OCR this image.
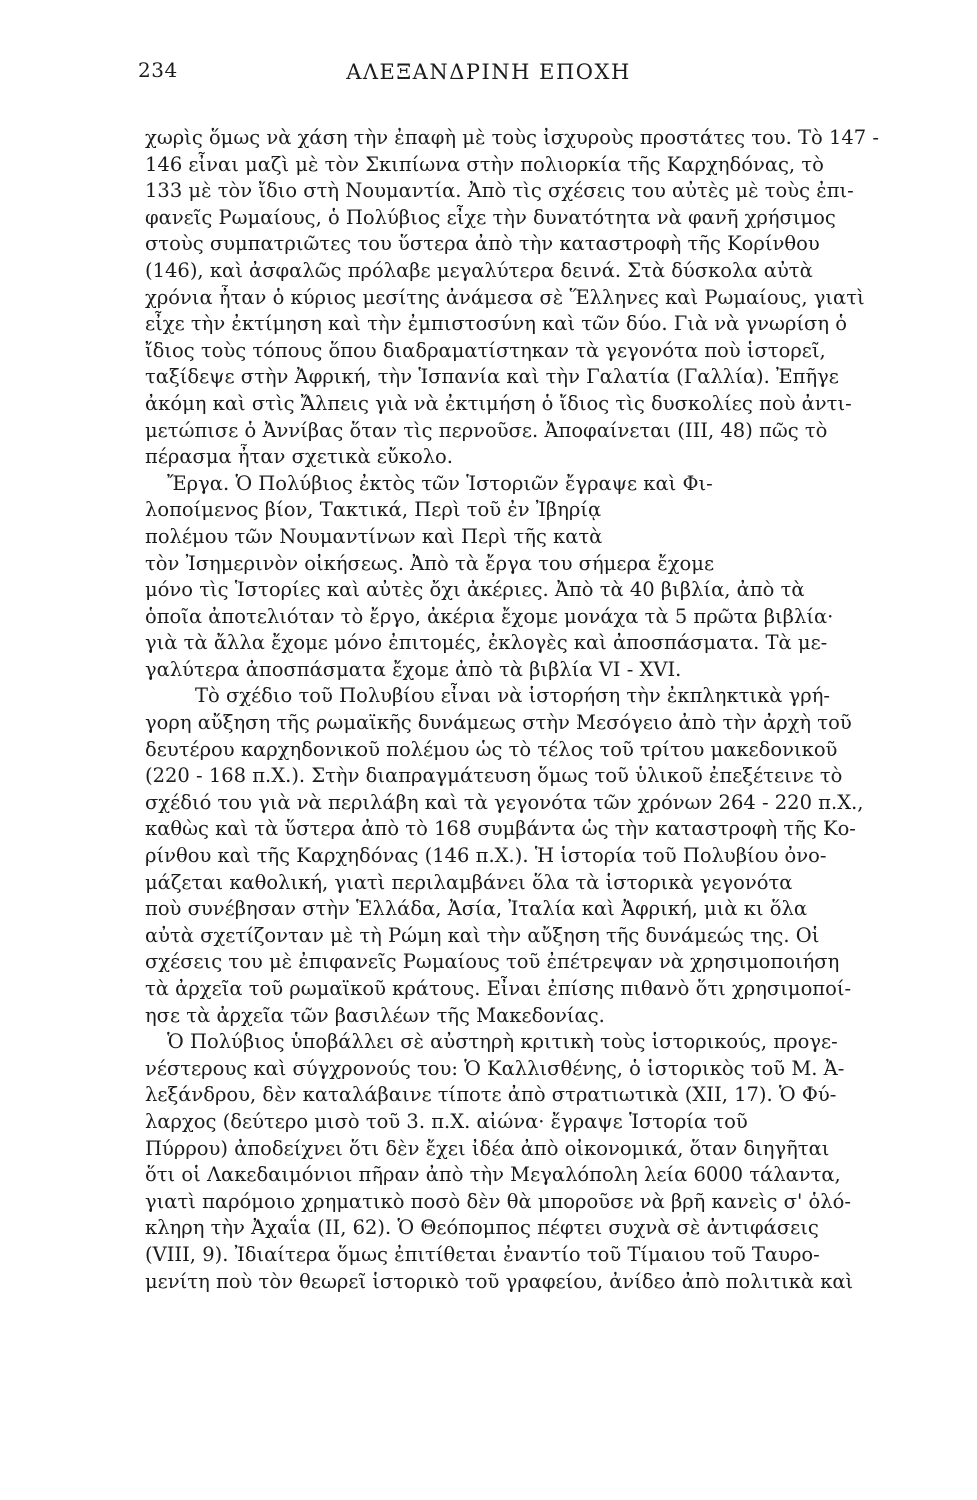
234	ΑΛΕΞΑΝΔΡΙΝΗ ΕΠΟΧΗ
χωρὶς ὅμως νὰ χάση τὴν ἐπαφὴ μὲ τοὺς ἰσχυροὺς προστάτες του. Τὸ 147 -
146 εἶναι μαζὶ μὲ τὸν Σκιπίωνα στὴν πολιορκία τῆς Καρχηδόνας, τὸ
133 μὲ τὸν ἴδιο στὴ Νουμαντία. Ἀπὸ τὶς σχέσεις του αὐτὲς μὲ τοὺς ἐπι-
φανεῖς Ρωμαίους, ὁ Πολύβιος εἶχε τὴν δυνατότητα νὰ φανῆ χρήσιμος
στοὺς συμπατριῶτες του ὕστερα ἀπὸ τὴν καταστροφὴ τῆς Κορίνθου
(146), καὶ ἀσφαλῶς πρόλαβε μεγαλύτερα δεινά. Στὰ δύσκολα αὐτὰ
χρόνια ἦταν ὁ κύριος μεσίτης ἀνάμεσα σὲ Ἕλληνες καὶ Ρωμαίους, γιατὶ
εἶχε τὴν ἐκτίμηση καὶ τὴν ἐμπιστοσύνη καὶ τῶν δύο. Γιὰ νὰ γνωρίση ὁ
ἴδιος τοὺς τόπους ὅπου διαδραματίστηκαν τὰ γεγονότα ποὺ ἱστορεῖ,
ταξίδεψε στὴν Ἀφρική, τὴν Ἱσπανία καὶ τὴν Γαλατία (Γαλλία). Ἐπῆγε
ἀκόμη καὶ στὶς Ἄλπεις γιὰ νὰ ἐκτιμήση ὁ ἴδιος τὶς δυσκολίες ποὺ ἀντι-
μετώπισε ὁ Ἀννίβας ὅταν τὶς περνοῦσε. Ἀποφαίνεται (III, 48) πῶς τὸ
πέρασμα ἦταν σχετικὰ εὔκολο.
Ἔργα. Ὁ Πολύβιος ἐκτὸς τῶν Ἱστοριῶν ἔγραψε καὶ Φι-
λοποίμενος βίον, Τακτικά, Περὶ τοῦ ἐν Ἰβηρίᾳ
πολέμου τῶν Νουμαντίνων καὶ Περὶ τῆς κατὰ
τὸν Ἰσημερινὸν οἰκήσεως. Ἀπὸ τὰ ἔργα του σήμερα ἔχομε
μόνο τὶς Ἱστορίες καὶ αὐτὲς ὄχι ἀκέριες. Ἀπὸ τὰ 40 βιβλία, ἀπὸ τὰ
ὁποῖα ἀποτελιόταν τὸ ἔργο, ἀκέρια ἔχομε μονάχα τὰ 5 πρῶτα βιβλία·
γιὰ τὰ ἄλλα ἔχομε μόνο ἐπιτομές, ἐκλογὲς καὶ ἀποσπάσματα. Τὰ με-
γαλύτερα ἀποσπάσματα ἔχομε ἀπὸ τὰ βιβλία VI - XVI.
Τὸ σχέδιο τοῦ Πολυβίου εἶναι νὰ ἱστορήση τὴν ἐκπληκτικὰ γρή-
γορη αὔξηση τῆς ρωμαϊκῆς δυνάμεως στὴν Μεσόγειο ἀπὸ τὴν ἀρχὴ τοῦ
δευτέρου καρχηδονικοῦ πολέμου ὡς τὸ τέλος τοῦ τρίτου μακεδονικοῦ
(220 - 168 π.Χ.). Στὴν διαπραγμάτευση ὅμως τοῦ ὑλικοῦ ἐπεξέτεινε τὸ
σχέδιό του γιὰ νὰ περιλάβη καὶ τὰ γεγονότα τῶν χρόνων 264 - 220 π.Χ.,
καθὼς καὶ τὰ ὕστερα ἀπὸ τὸ 168 συμβάντα ὡς τὴν καταστροφὴ τῆς Κο-
ρίνθου καὶ τῆς Καρχηδόνας (146 π.Χ.). Ἡ ἱστορία τοῦ Πολυβίου ὀνο-
μάζεται καθολική, γιατὶ περιλαμβάνει ὅλα τὰ ἱστορικὰ γεγονότα
ποὺ συνέβησαν στὴν Ἑλλάδα, Ἀσία, Ἰταλία καὶ Ἀφρική, μιὰ κι ὅλα
αὐτὰ σχετίζονταν μὲ τὴ Ρώμη καὶ τὴν αὔξηση τῆς δυνάμεώς της. Οἱ
σχέσεις του μὲ ἐπιφανεῖς Ρωμαίους τοῦ ἐπέτρεψαν νὰ χρησιμοποιήση
τὰ ἀρχεῖα τοῦ ρωμαϊκοῦ κράτους. Εἶναι ἐπίσης πιθανὸ ὅτι χρησιμοποί-
ησε τὰ ἀρχεῖα τῶν βασιλέων τῆς Μακεδονίας.
Ὁ Πολύβιος ὑποβάλλει σὲ αὐστηρὴ κριτικὴ τοὺς ἱστορικούς, προγε-
νέστερους καὶ σύγχρονούς του: Ὁ Καλλισθένης, ὁ ἱστορικὸς τοῦ Μ. Ἀ-
λεξάνδρου, δὲν καταλάβαινε τίποτε ἀπὸ στρατιωτικὰ (XII, 17). Ὁ Φύ-
λαρχος (δεύτερο μισὸ τοῦ 3. π.Χ. αἰώνα· ἔγραψε Ἱστορία τοῦ
Πύρρου) ἀποδείχνει ὅτι δὲν ἔχει ἰδέα ἀπὸ οἰκονομικά, ὅταν διηγῆται
ὅτι οἱ Λακεδαιμόνιοι πῆραν ἀπὸ τὴν Μεγαλόπολη λεία 6000 τάλαντα,
γιατὶ παρόμοιο χρηματικὸ ποσὸ δὲν θὰ μποροῦσε νὰ βρῆ κανεὶς σ' ὁλό-
κληρη τὴν Ἀχαΐα (II, 62). Ὁ Θεόπομπος πέφτει συχνὰ σὲ ἀντιφάσεις
(VIII, 9). Ἰδιαίτερα ὅμως ἐπιτίθεται ἐναντίο τοῦ Τίμαιου τοῦ Ταυρο-
μενίτη ποὺ τὸν θεωρεῖ ἱστορικὸ τοῦ γραφείου, ἀνίδεο ἀπὸ πολιτικὰ καὶ
